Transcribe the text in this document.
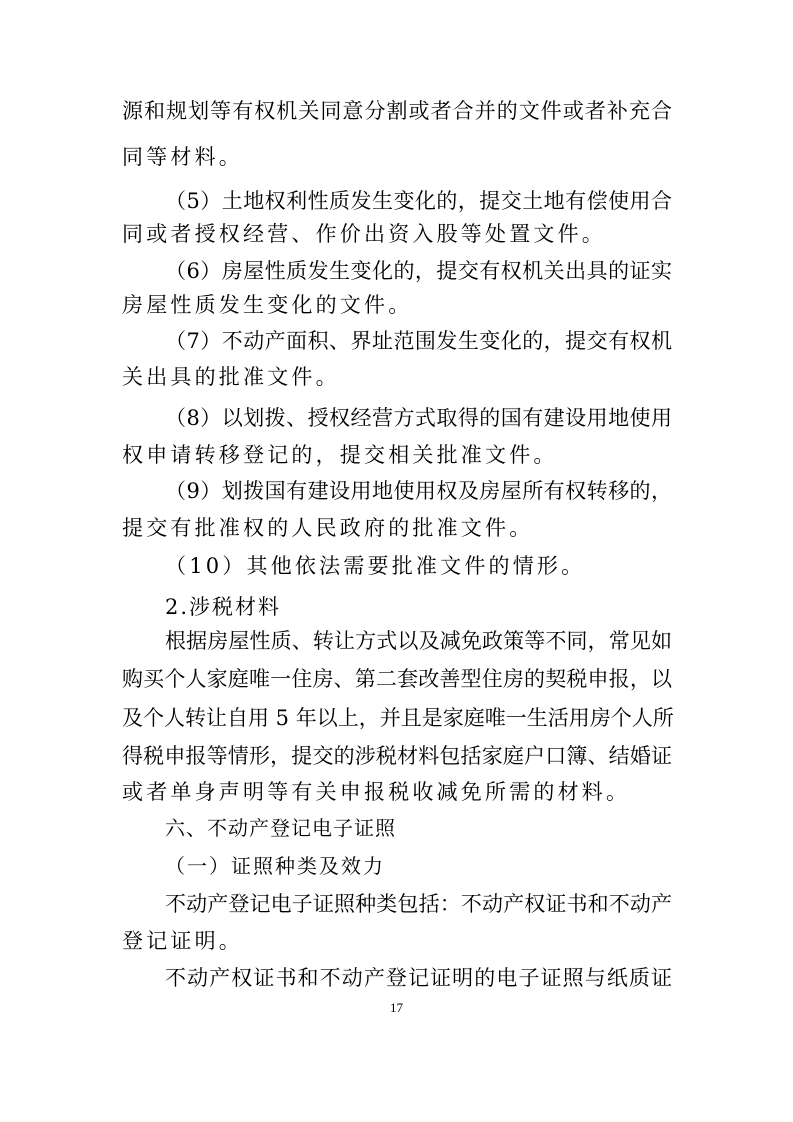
源和规划等有权机关同意分割或者合并的文件或者补充合
同等材料。
（5）土地权利性质发生变化的，提交土地有偿使用合
同或者授权经营、作价出资入股等处置文件。
（6）房屋性质发生变化的，提交有权机关出具的证实
房屋性质发生变化的文件。
（7）不动产面积、界址范围发生变化的，提交有权机
关出具的批准文件。
（8）以划拨、授权经营方式取得的国有建设用地使用
权申请转移登记的，提交相关批准文件。
（9）划拨国有建设用地使用权及房屋所有权转移的，
提交有批准权的人民政府的批准文件。
（10）其他依法需要批准文件的情形。
2.涉税材料
根据房屋性质、转让方式以及减免政策等不同，常见如
购买个人家庭唯一住房、第二套改善型住房的契税申报，以
及个人转让自用 5 年以上，并且是家庭唯一生活用房个人所
得税申报等情形，提交的涉税材料包括家庭户口簿、结婚证
或者单身声明等有关申报税收减免所需的材料。
六、不动产登记电子证照
（一）证照种类及效力
不动产登记电子证照种类包括：不动产权证书和不动产
登记证明。
不动产权证书和不动产登记证明的电子证照与纸质证
17
